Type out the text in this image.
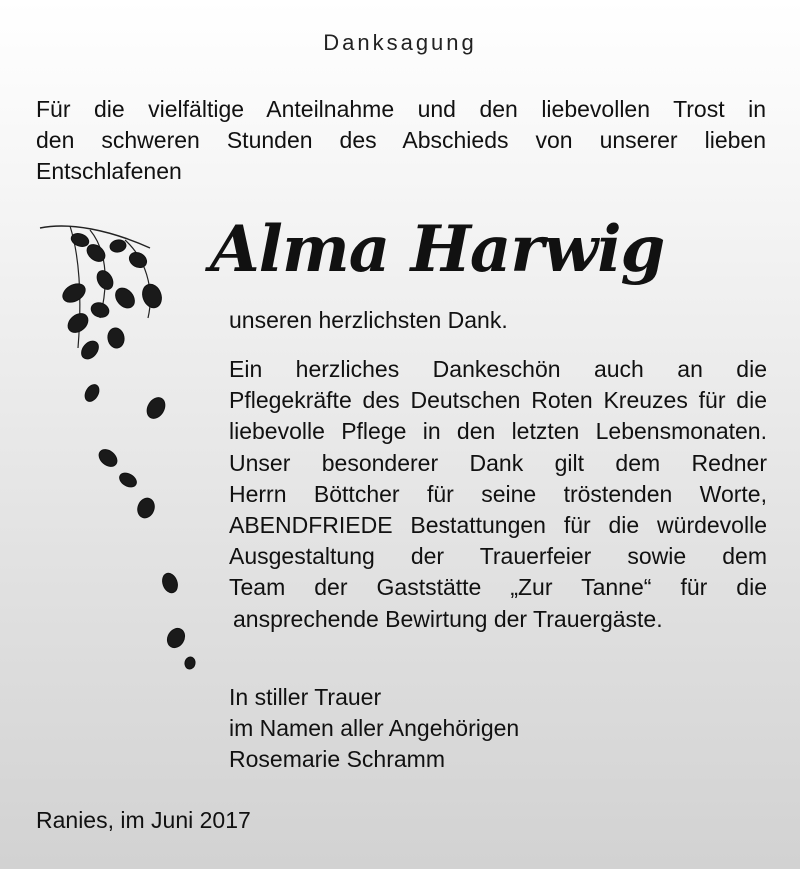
Danksagung
Für die vielfältige Anteilnahme und den liebevollen Trost in
den schweren Stunden des Abschieds von unserer lieben
Entschlafenen
Alma Harwig
unseren herzlichsten Dank.
Ein herzliches Dankeschön auch an die
Pflegekräfte des Deutschen Roten Kreuzes für die
liebevolle Pflege in den letzten Lebensmonaten.
Unser besonderer Dank gilt dem Redner
Herrn Böttcher für seine tröstenden Worte,
ABENDFRIEDE Bestattungen für die würdevolle
Ausgestaltung der Trauerfeier sowie dem
Team der Gaststätte „Zur Tanne“ für die
ansprechende Bewirtung der Trauergäste.
In stiller Trauer
im Namen aller Angehörigen
Rosemarie Schramm
Ranies, im Juni 2017
